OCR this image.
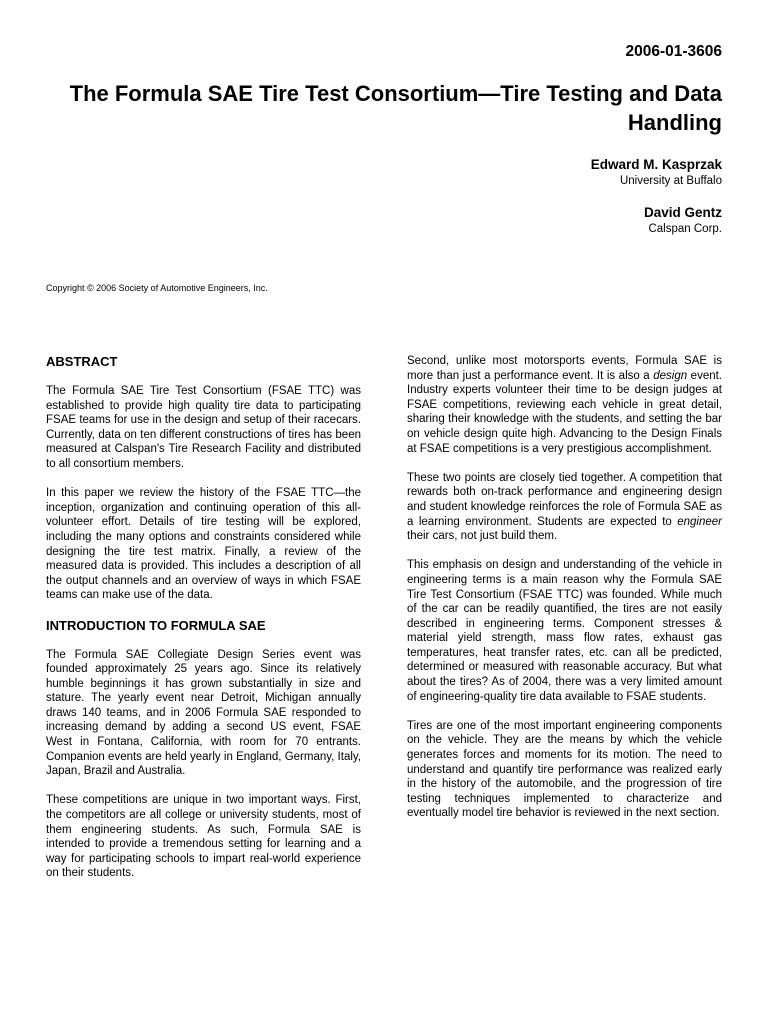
2006-01-3606
The Formula SAE Tire Test Consortium—Tire Testing and Data Handling
Edward M. Kasprzak
University at Buffalo
David Gentz
Calspan Corp.
Copyright © 2006 Society of Automotive Engineers, Inc.
ABSTRACT

The Formula SAE Tire Test Consortium (FSAE TTC) was established to provide high quality tire data to participating FSAE teams for use in the design and setup of their racecars. Currently, data on ten different constructions of tires has been measured at Calspan's Tire Research Facility and distributed to all consortium members.

In this paper we review the history of the FSAE TTC—the inception, organization and continuing operation of this all-volunteer effort. Details of tire testing will be explored, including the many options and constraints considered while designing the tire test matrix. Finally, a review of the measured data is provided. This includes a description of all the output channels and an overview of ways in which FSAE teams can make use of the data.

INTRODUCTION TO FORMULA SAE

The Formula SAE Collegiate Design Series event was founded approximately 25 years ago. Since its relatively humble beginnings it has grown substantially in size and stature. The yearly event near Detroit, Michigan annually draws 140 teams, and in 2006 Formula SAE responded to increasing demand by adding a second US event, FSAE West in Fontana, California, with room for 70 entrants. Companion events are held yearly in England, Germany, Italy, Japan, Brazil and Australia.

These competitions are unique in two important ways. First, the competitors are all college or university students, most of them engineering students. As such, Formula SAE is intended to provide a tremendous setting for learning and a way for participating schools to impart real-world experience on their students.

Second, unlike most motorsports events, Formula SAE is more than just a performance event. It is also a design event. Industry experts volunteer their time to be design judges at FSAE competitions, reviewing each vehicle in great detail, sharing their knowledge with the students, and setting the bar on vehicle design quite high. Advancing to the Design Finals at FSAE competitions is a very prestigious accomplishment.

These two points are closely tied together. A competition that rewards both on-track performance and engineering design and student knowledge reinforces the role of Formula SAE as a learning environment. Students are expected to engineer their cars, not just build them.

This emphasis on design and understanding of the vehicle in engineering terms is a main reason why the Formula SAE Tire Test Consortium (FSAE TTC) was founded. While much of the car can be readily quantified, the tires are not easily described in engineering terms. Component stresses & material yield strength, mass flow rates, exhaust gas temperatures, heat transfer rates, etc. can all be predicted, determined or measured with reasonable accuracy. But what about the tires? As of 2004, there was a very limited amount of engineering-quality tire data available to FSAE students.

Tires are one of the most important engineering components on the vehicle. They are the means by which the vehicle generates forces and moments for its motion. The need to understand and quantify tire performance was realized early in the history of the automobile, and the progression of tire testing techniques implemented to characterize and eventually model tire behavior is reviewed in the next section.
